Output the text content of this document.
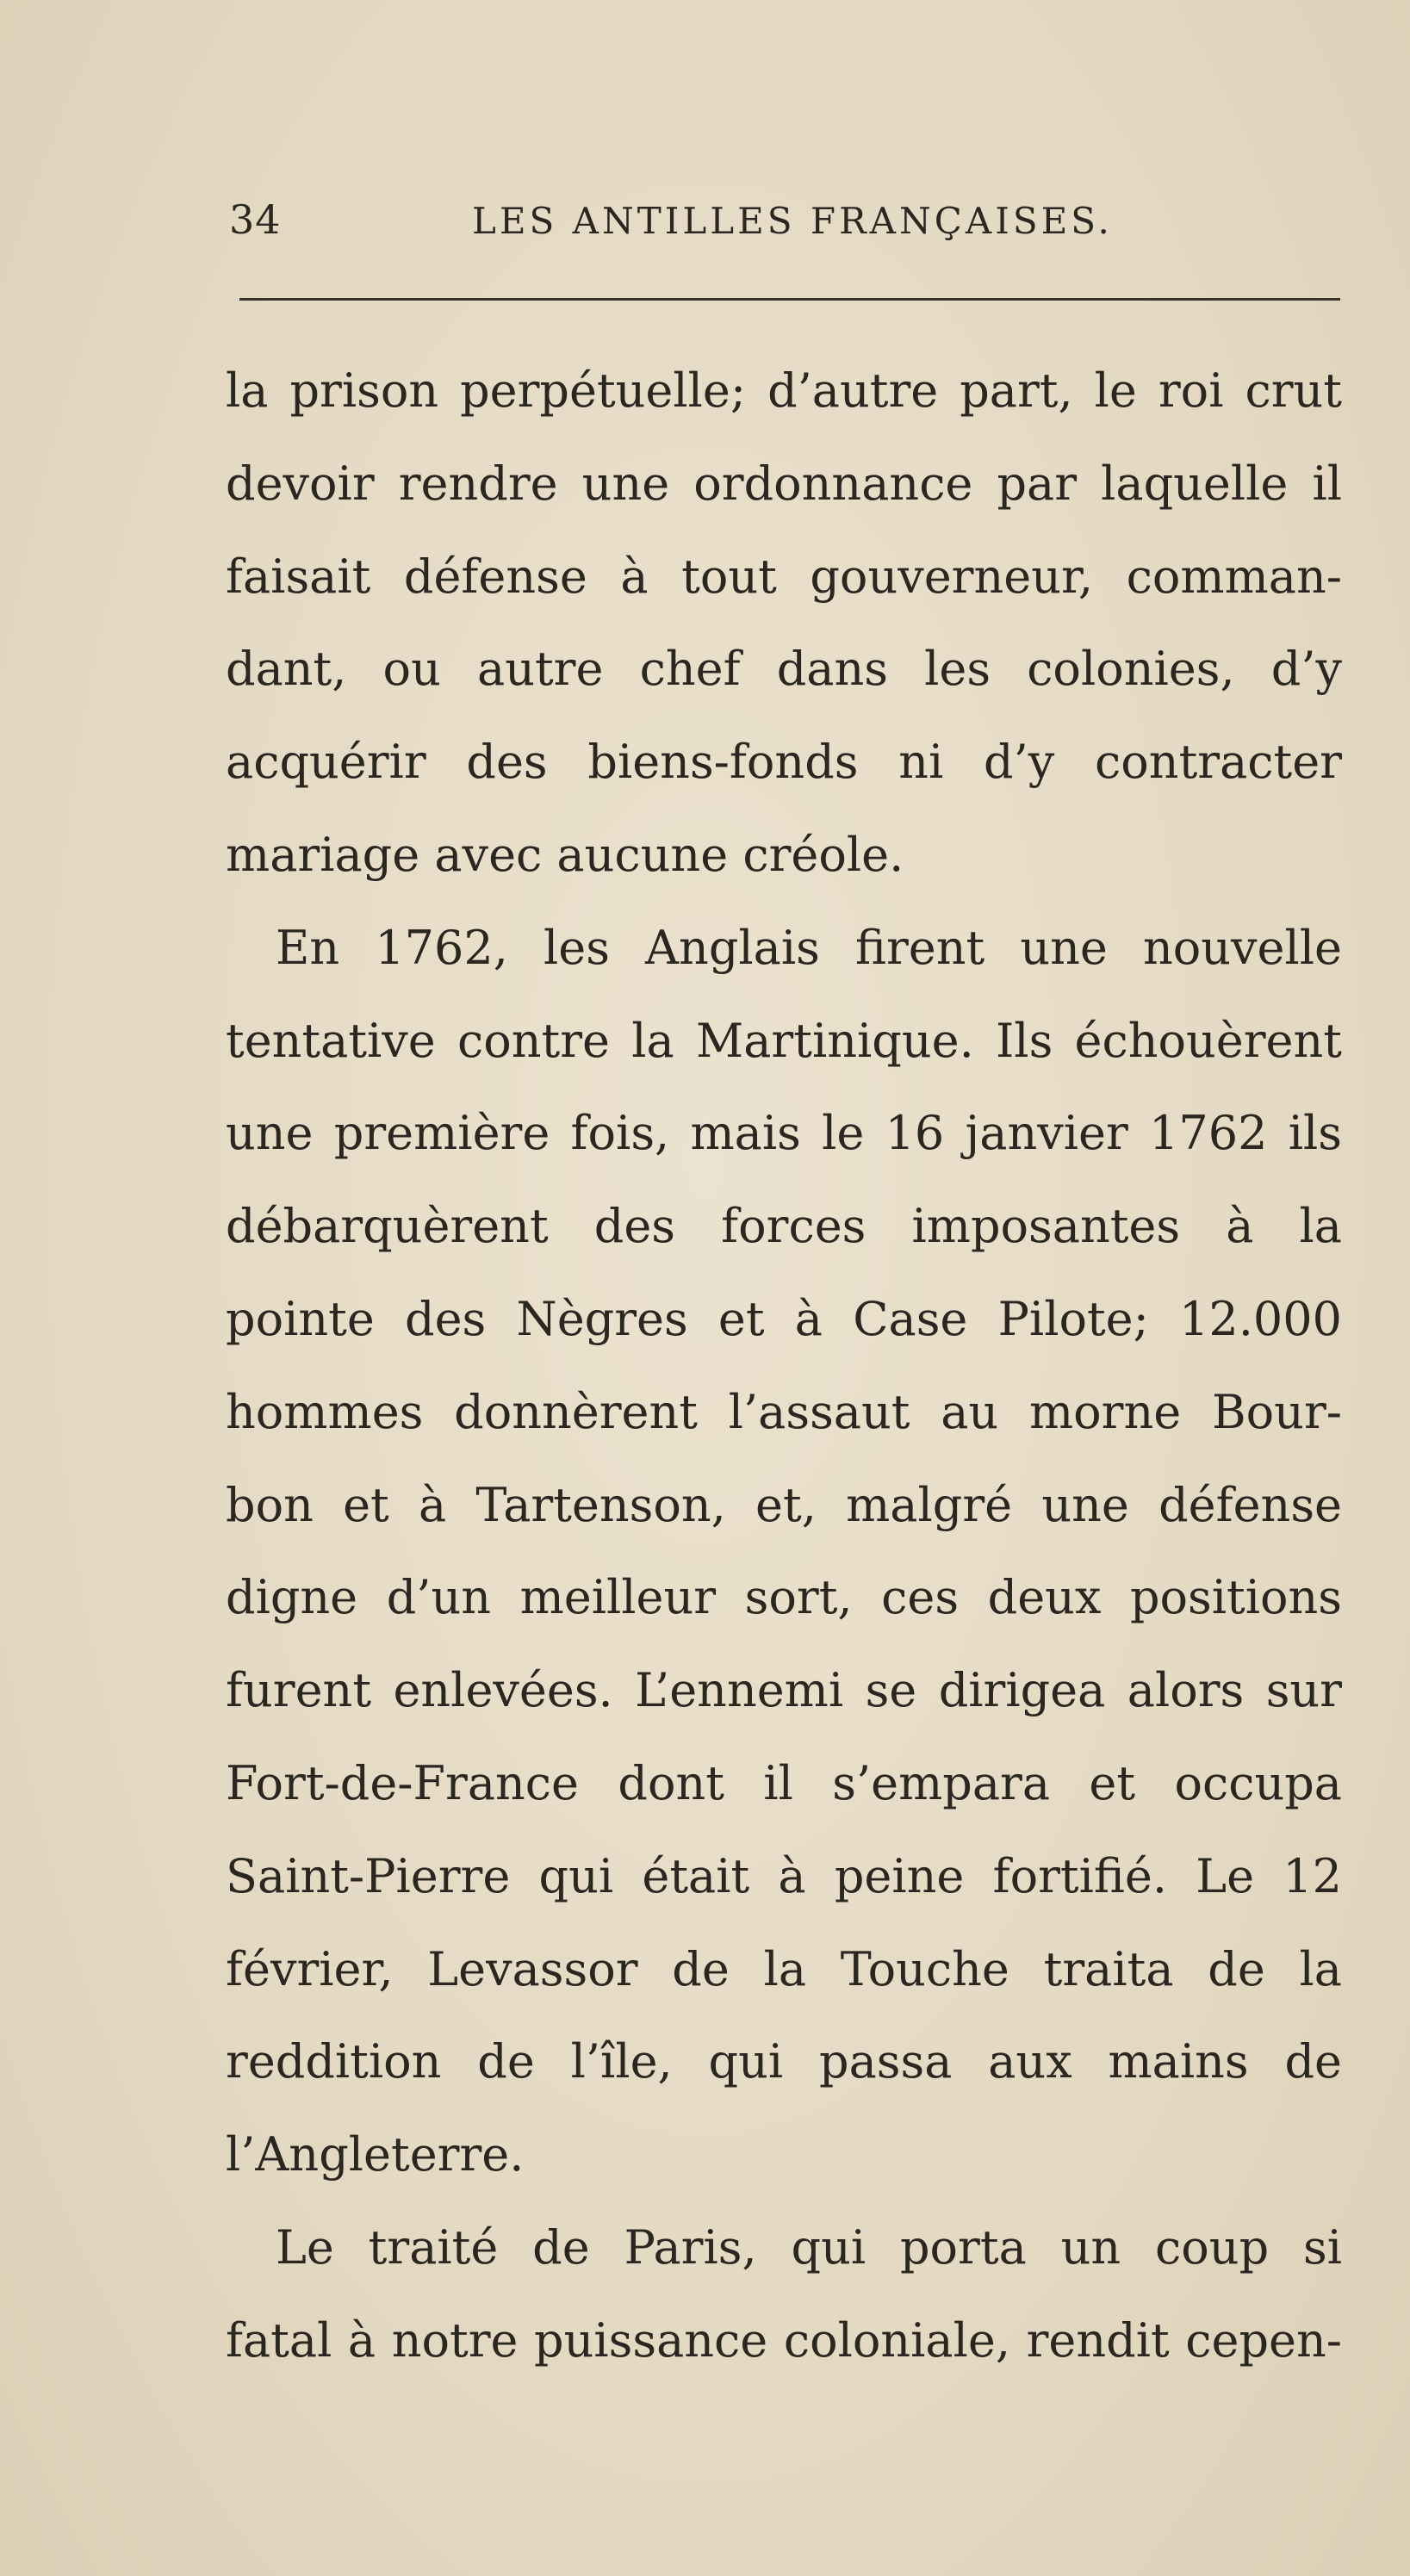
34	LES ANTILLES FRANÇAISES.
la prison perpétuelle; d’autre part, le roi crut
devoir rendre une ordonnance par laquelle il
faisait défense à tout gouverneur, comman-
dant, ou autre chef dans les colonies, d’y
acquérir des biens-fonds ni d’y contracter
mariage avec aucune créole.
En 1762, les Anglais firent une nouvelle
tentative contre la Martinique. Ils échouèrent
une première fois, mais le 16 janvier 1762 ils
débarquèrent des forces imposantes à la
pointe des Nègres et à Case Pilote; 12.000
hommes donnèrent l’assaut au morne Bour-
bon et à Tartenson, et, malgré une défense
digne d’un meilleur sort, ces deux positions
furent enlevées. L’ennemi se dirigea alors sur
Fort-de-France dont il s’empara et occupa
Saint-Pierre qui était à peine fortifié. Le 12
février, Levassor de la Touche traita de la
reddition de l’île, qui passa aux mains de
l’Angleterre.
Le traité de Paris, qui porta un coup si
fatal à notre puissance coloniale, rendit cepen-
